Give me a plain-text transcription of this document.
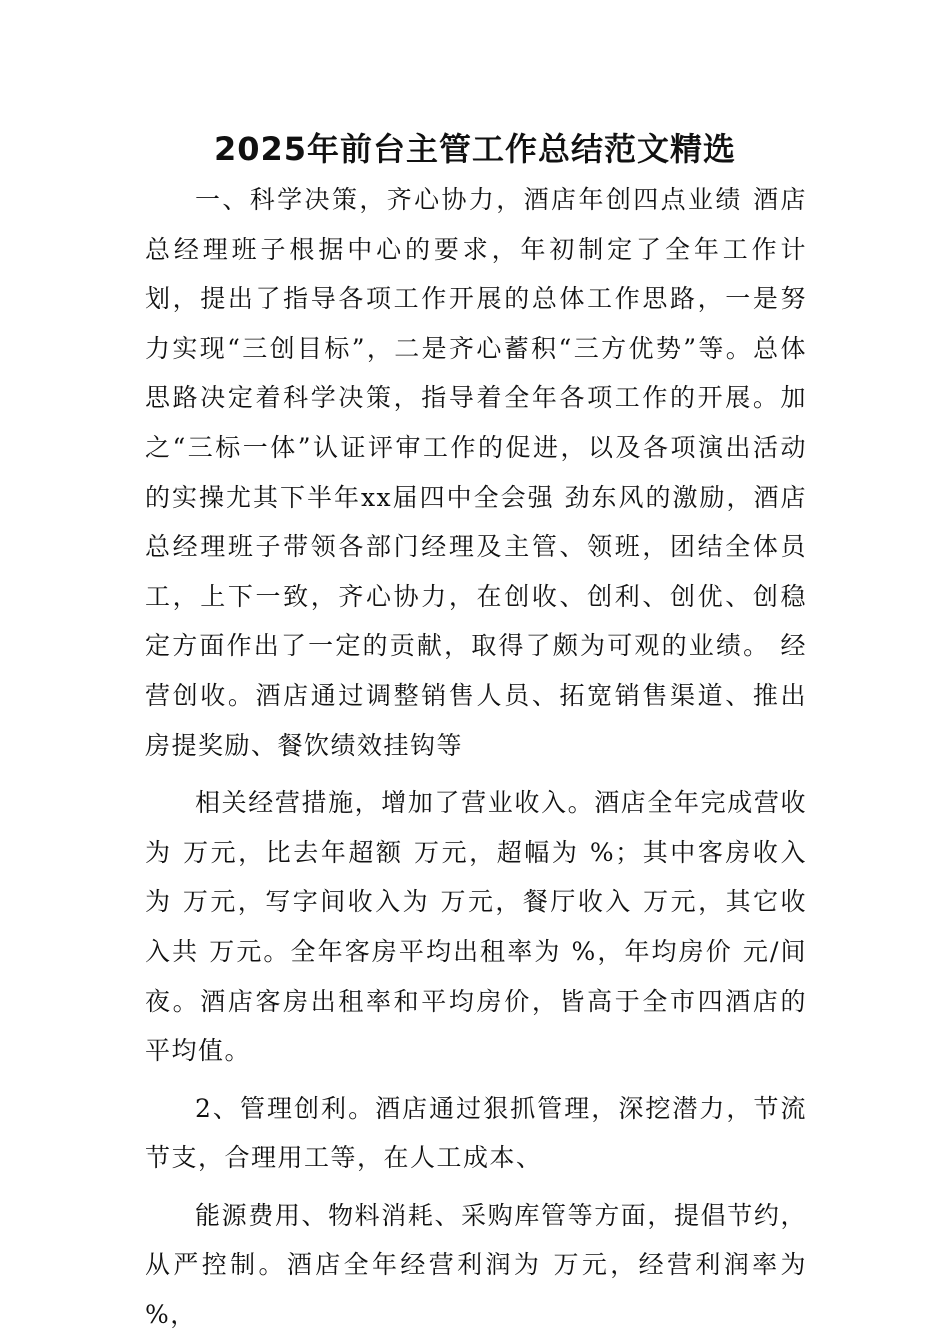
2025年前台主管工作总结范文精选

一、科学决策，齐心协力，酒店年创四点业绩 酒店总经理班子根据中心的要求，年初制定了全年工作计划，提出了指导各项工作开展的总体工作思路，一是努力实现“三创目标”，二是齐心蓄积“三方优势”等。总体思路决定着科学决策，指导着全年各项工作的开展。加之“三标一体”认证评审工作的促进，以及各项演出活动的实操尤其下半年xx届四中全会强 劲东风的激励，酒店总经理班子带领各部门经理及主管、领班，团结全体员工，上下一致，齐心协力，在创收、创利、创优、创稳定方面作出了一定的贡献，取得了颇为可观的业绩。 经营创收。酒店通过调整销售人员、拓宽销售渠道、推出房提奖励、餐饮绩效挂钩等

相关经营措施，增加了营业收入。酒店全年完成营收为 万元，比去年超额 万元，超幅为 %；其中客房收入为 万元，写字间收入为 万元，餐厅收入 万元，其它收入共 万元。全年客房平均出租率为 %，年均房价 元/间夜。酒店客房出租率和平均房价，皆高于全市四酒店的平均值。

2、管理创利。酒店通过狠抓管理，深挖潜力，节流节支，合理用工等，在人工成本、

能源费用、物料消耗、采购库管等方面，提倡节约，从严控制。酒店全年经营利润为 万元，经营利润率为 %，
